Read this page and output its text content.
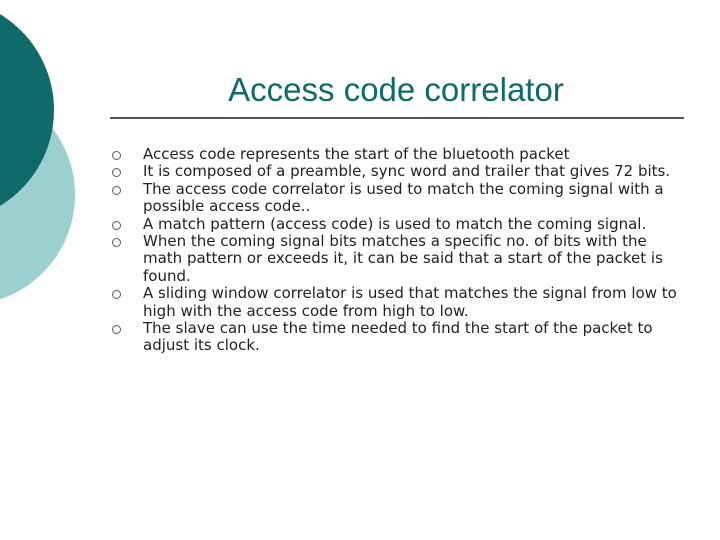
Access code correlator
Access code represents the start of the bluetooth packet
It is composed of a preamble, sync word and trailer that gives 72 bits.
The access code correlator is used to match the coming signal with a possible access code..
A match pattern (access code) is used to match the coming signal.
When the coming signal bits matches a specific no. of bits with the math pattern or exceeds it, it can be said that a start of the packet is found.
A sliding window correlator is used that matches the signal from low to high with the access code from high to low.
The slave can use the time needed to find the start of the packet to adjust its clock.
